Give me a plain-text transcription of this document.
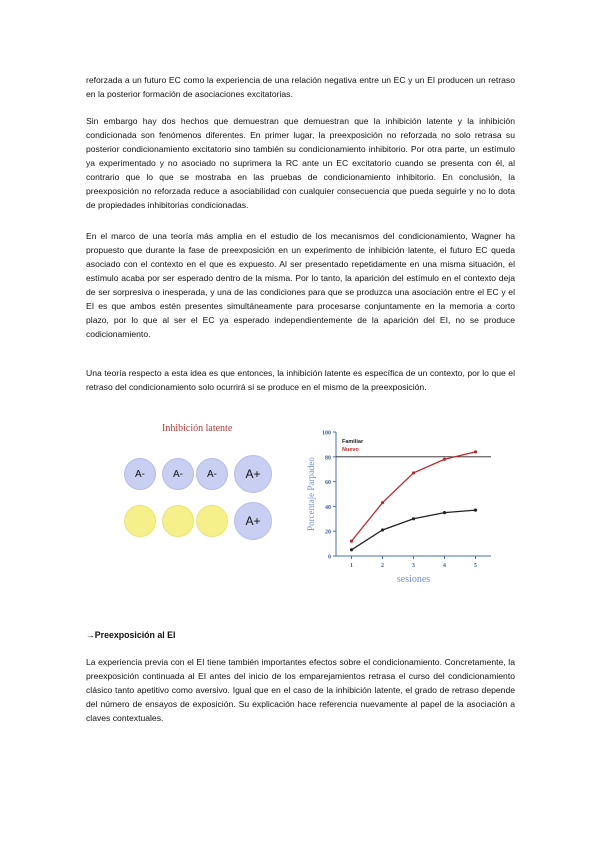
reforzada a un futuro EC como la experiencia de una relación negativa entre un EC y un EI producen un retraso en la posterior formación de asociaciones excitatorias.

Sin embargo hay dos hechos que demuestran que demuestran que la inhibición latente y la inhibición condicionada son fenómenos diferentes. En primer lugar, la preexposición no reforzada no solo retrasa su posterior condicionamiento excitatorio sino también su condicionamiento inhibitorio. Por otra parte, un estímulo ya experimentado y no asociado no suprimera la RC ante un EC excitatorio cuando se presenta con él, al contrario que lo que se mostraba en las pruebas de condicionamiento inhibitorio. En conclusión, la preexposición no reforzada reduce a asociabilidad con cualquier consecuencia que pueda seguirle y no lo dota de propiedades inhibitorias condicionadas.

En el marco de una teoría más amplia en el estudio de los mecanismos del condicionamiento, Wagner ha propuesto que durante la fase de preexposición en un experimento de inhibición latente, el futuro EC queda asociado con el contexto en el que es expuesto. Al ser presentado repetidamente en una misma situación, el estímulo acaba por ser esperado dentro de la misma. Por lo tanto, la aparición del estímulo en el contexto deja de ser sorpresiva o inesperada, y una de las condiciones para que se produzca una asociación entre el EC y el EI es que ambos estén presentes simultáneamente para procesarse conjuntamente en la memoria a corto plazo, por lo que al ser el EC ya esperado independientemente de la aparición del EI, no se produce codicionamiento.

Una teoría respecto a esta idea es que entonces, la inhibición latente es específica de un contexto, por lo que el retraso del condicionamiento solo ocurrirá si se produce en el mismo de la preexposición.

Inhibición latente
A-	A-	A-	A+
A+
0
20
40
60
80
100
1	2	3	4	5
Familiar
Nuevo
Porcentaje Parpadeo
sesiones

→Preexposición al EI

La experiencia previa con el EI tiene también importantes efectos sobre el condicionamiento. Concretamente, la preexposición continuada al EI antes del inicio de los emparejamientos retrasa el curso del condicionamiento clásico tanto apetitivo como aversivo. Igual que en el caso de la inhibición latente, el grado de retraso depende del número de ensayos de exposición. Su explicación hace referencia nuevamente al papel de la asociación a claves contextuales.
